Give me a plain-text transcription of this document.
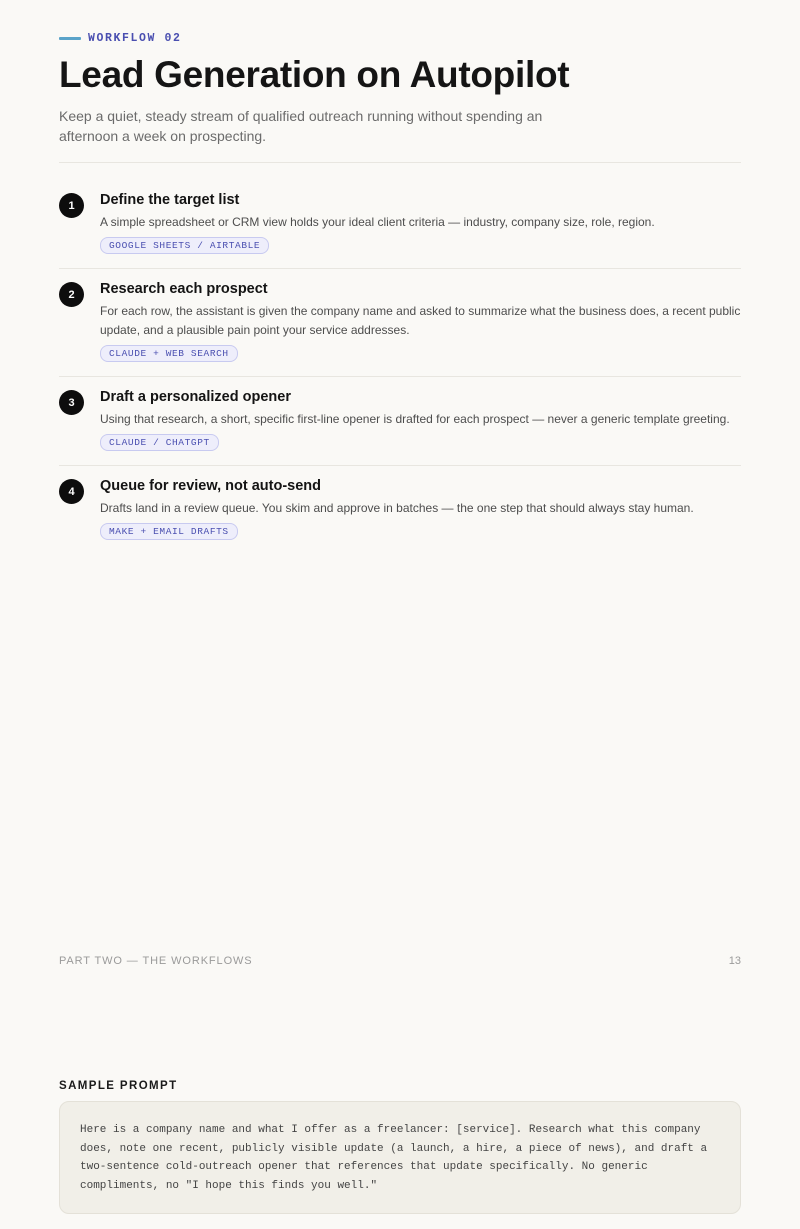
WORKFLOW 02
Lead Generation on Autopilot

Keep a quiet, steady stream of qualified outreach running without spending an afternoon a week on prospecting.

1	Define the target list

A simple spreadsheet or CRM view holds your ideal client criteria — industry, company size, role, region.

GOOGLE SHEETS / AIRTABLE
2	Research each prospect

For each row, the assistant is given the company name and asked to summarize what the business does, a recent public update, and a plausible pain point your service addresses.

CLAUDE + WEB SEARCH
3	Draft a personalized opener

Using that research, a short, specific first-line opener is drafted for each prospect — never a generic template greeting.

CLAUDE / CHATGPT
4	Queue for review, not auto-send

Drafts land in a review queue. You skim and approve in batches — the one step that should always stay human.

MAKE + EMAIL DRAFTS
PART TWO — THE WORKFLOWS	13
SAMPLE PROMPT

Here is a company name and what I offer as a freelancer: [service]. Research what this company does, note one recent, publicly visible update (a launch, a hire, a piece of news), and draft a two-sentence cold-outreach opener that references that update specifically. No generic compliments, no "I hope this finds you well."
